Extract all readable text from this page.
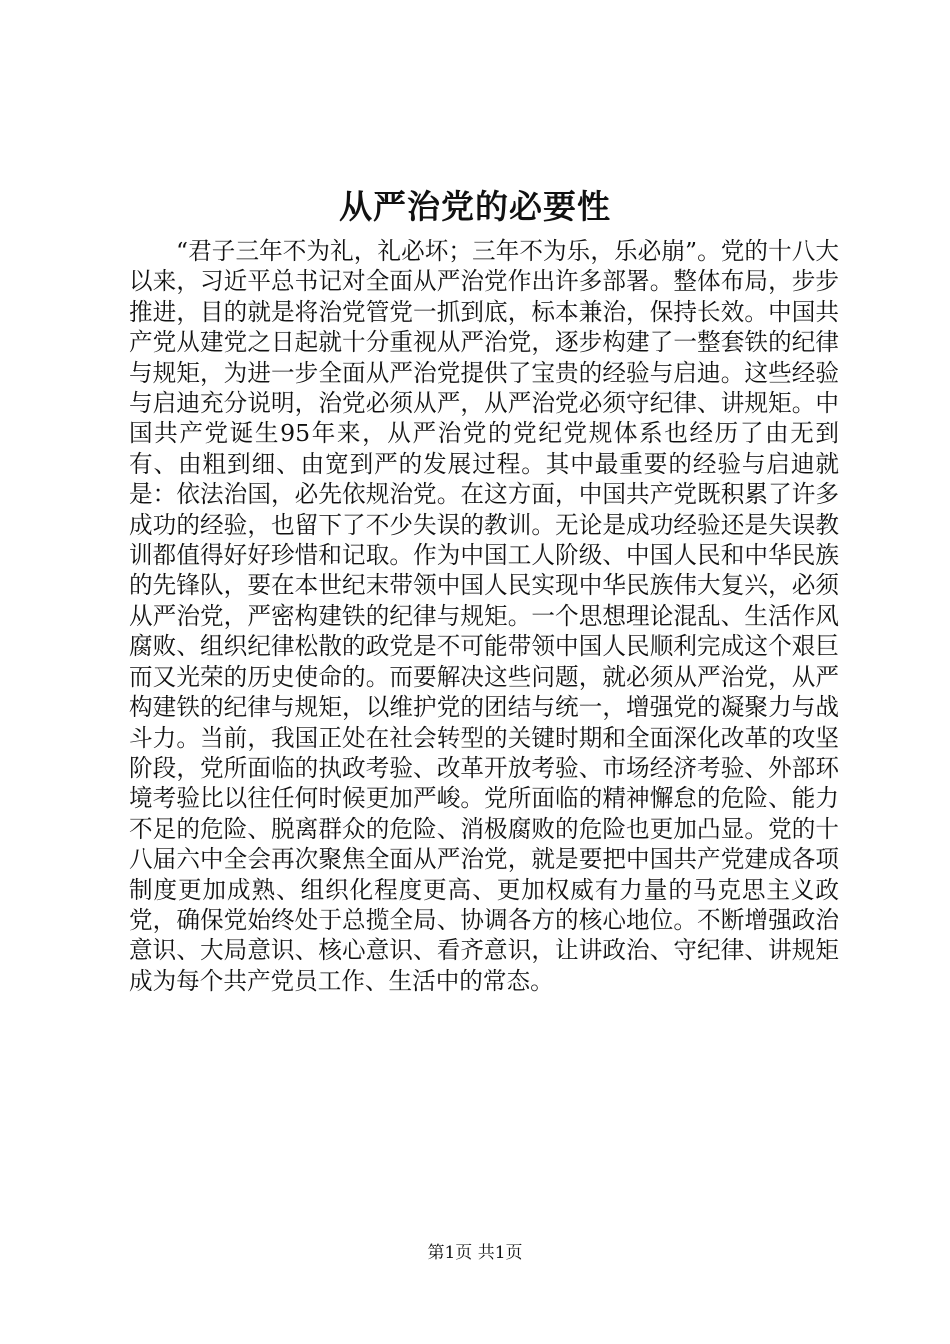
从严治党的必要性

“君子三年不为礼，礼必坏；三年不为乐，乐必崩”。党的十八大以来，习近平总书记对全面从严治党作出许多部署。整体布局，步步推进，目的就是将治党管党一抓到底，标本兼治，保持长效。中国共产党从建党之日起就十分重视从严治党，逐步构建了一整套铁的纪律与规矩，为进一步全面从严治党提供了宝贵的经验与启迪。这些经验与启迪充分说明，治党必须从严，从严治党必须守纪律、讲规矩。中国共产党诞生95年来，从严治党的党纪党规体系也经历了由无到有、由粗到细、由宽到严的发展过程。其中最重要的经验与启迪就是：依法治国，必先依规治党。在这方面，中国共产党既积累了许多成功的经验，也留下了不少失误的教训。无论是成功经验还是失误教训都值得好好珍惜和记取。作为中国工人阶级、中国人民和中华民族的先锋队，要在本世纪末带领中国人民实现中华民族伟大复兴，必须从严治党，严密构建铁的纪律与规矩。一个思想理论混乱、生活作风腐败、组织纪律松散的政党是不可能带领中国人民顺利完成这个艰巨而又光荣的历史使命的。而要解决这些问题，就必须从严治党，从严构建铁的纪律与规矩，以维护党的团结与统一，增强党的凝聚力与战斗力。当前，我国正处在社会转型的关键时期和全面深化改革的攻坚阶段，党所面临的执政考验、改革开放考验、市场经济考验、外部环境考验比以往任何时候更加严峻。党所面临的精神懈怠的危险、能力不足的危险、脱离群众的危险、消极腐败的危险也更加凸显。党的十八届六中全会再次聚焦全面从严治党，就是要把中国共产党建成各项制度更加成熟、组织化程度更高、更加权威有力量的马克思主义政党，确保党始终处于总揽全局、协调各方的核心地位。不断增强政治意识、大局意识、核心意识、看齐意识，让讲政治、守纪律、讲规矩成为每个共产党员工作、生活中的常态。

第1页 共1页
